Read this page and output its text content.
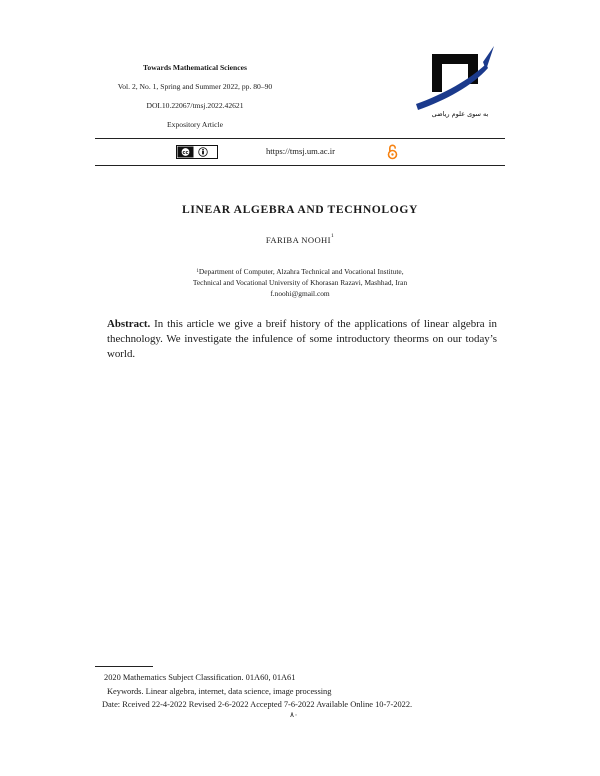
Towards Mathematical Sciences
Vol. 2, No. 1, Spring and Summer 2022, pp. 80–90
DOI.10.22067/tmsj.2022.42621
Expository Article
به سوی علوم ریاضی
cc	https://tmsj.um.ac.ir
LINEAR ALGEBRA AND TECHNOLOGY
FARIBA NOOHI$^1$
$^1$Department of Computer, Alzahra Technical and Vocational Institute,
Technical and Vocational University of Khorasan Razavi, Mashhad, Iran
f.noohi@gmail.com
Abstract. In this article we give a breif history of the applications of linear algebra in thechnology. We investigate the infulence of some introductory theorms on our today’s world.
2020 Mathematics Subject Classification. 01A60, 01A61
Keywords. Linear algebra, internet, data science, image processing
Date: Rceived 22-4-2022 Revised 2-6-2022 Accepted 7-6-2022 Available Online 10-7-2022.
۸۰
